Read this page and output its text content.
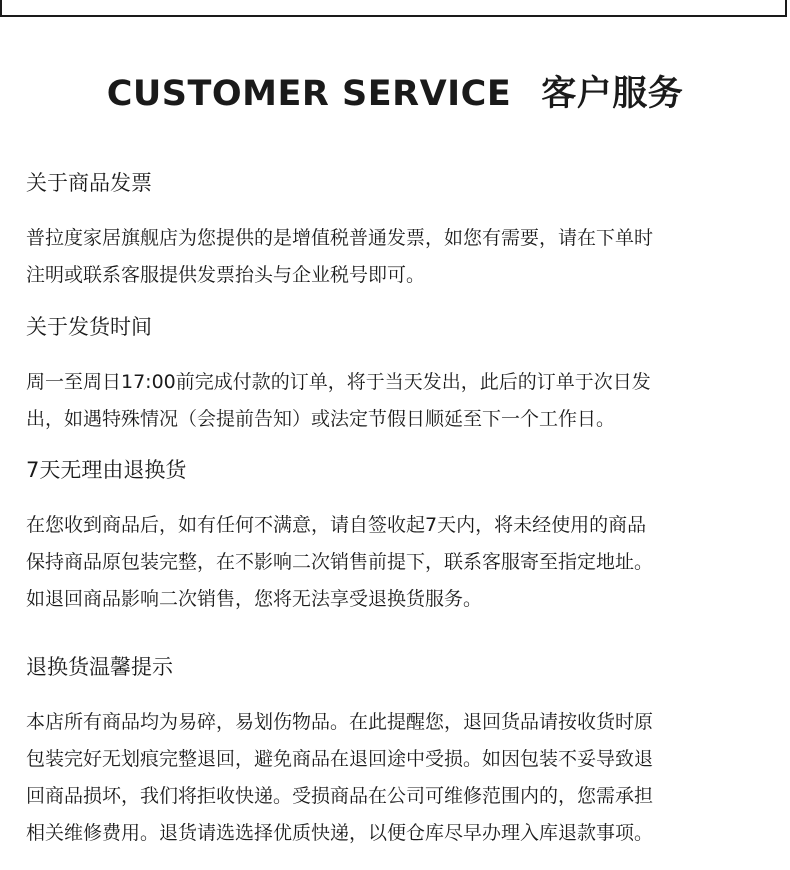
CUSTOMER SERVICE 客户服务

关于商品发票

普拉度家居旗舰店为您提供的是增值税普通发票，如您有需要，请在下单时
注明或联系客服提供发票抬头与企业税号即可。

关于发货时间

周一至周日17:00前完成付款的订单，将于当天发出，此后的订单于次日发
出，如遇特殊情况（会提前告知）或法定节假日顺延至下一个工作日。

7天无理由退换货

在您收到商品后，如有任何不满意，请自签收起7天内，将未经使用的商品
保持商品原包装完整，在不影响二次销售前提下，联系客服寄至指定地址。
如退回商品影响二次销售，您将无法享受退换货服务。

退换货温馨提示

本店所有商品均为易碎，易划伤物品。在此提醒您，退回货品请按收货时原
包装完好无划痕完整退回，避免商品在退回途中受损。如因包装不妥导致退
回商品损坏，我们将拒收快递。受损商品在公司可维修范围内的，您需承担
相关维修费用。退货请选选择优质快递，以便仓库尽早办理入库退款事项。
